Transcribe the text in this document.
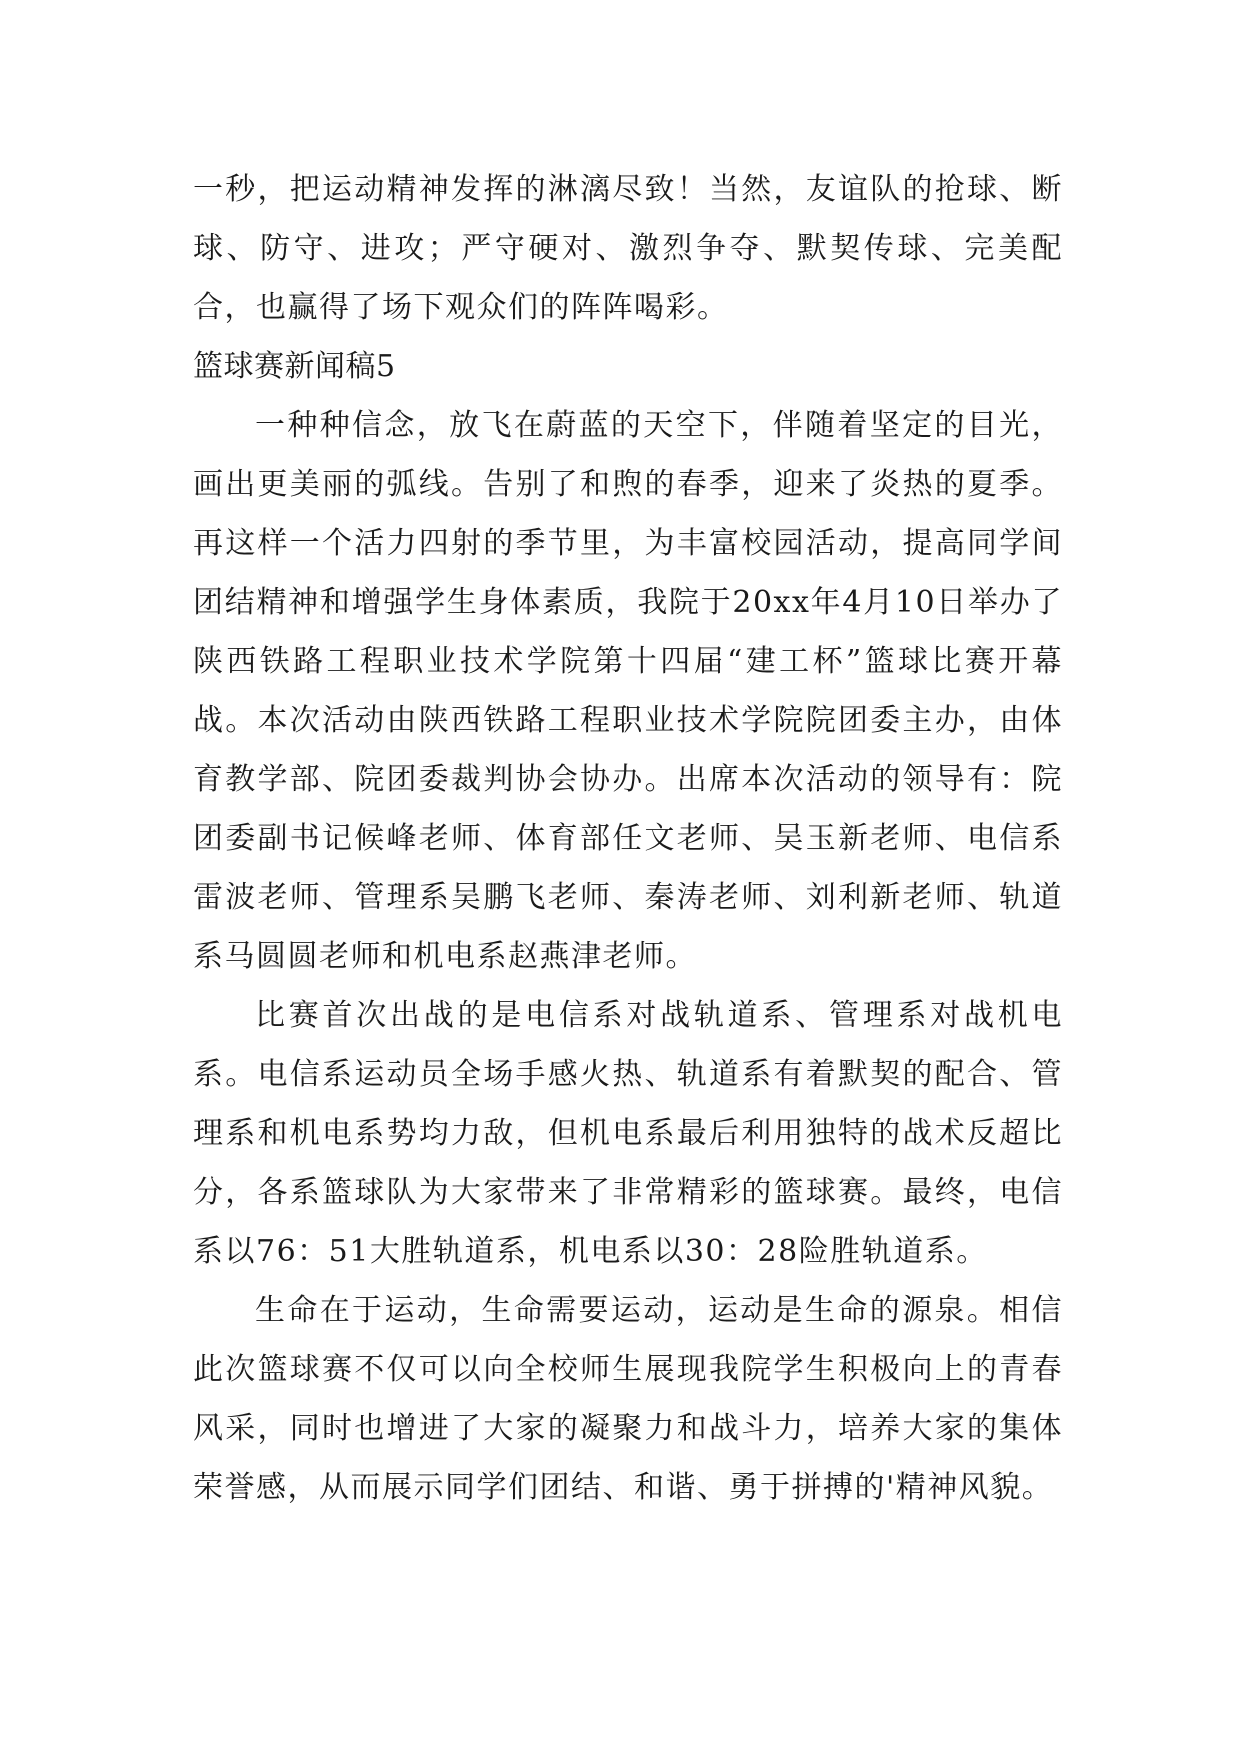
一秒，把运动精神发挥的淋漓尽致！当然，友谊队的抢球、断球、防守、进攻；严守硬对、激烈争夺、默契传球、完美配合，也赢得了场下观众们的阵阵喝彩。

篮球赛新闻稿5

一种种信念，放飞在蔚蓝的天空下，伴随着坚定的目光，画出更美丽的弧线。告别了和煦的春季，迎来了炎热的夏季。再这样一个活力四射的季节里，为丰富校园活动，提高同学间团结精神和增强学生身体素质，我院于20xx年4月10日举办了陕西铁路工程职业技术学院第十四届“建工杯”篮球比赛开幕战。本次活动由陕西铁路工程职业技术学院院团委主办，由体育教学部、院团委裁判协会协办。出席本次活动的领导有：院团委副书记候峰老师、体育部任文老师、吴玉新老师、电信系雷波老师、管理系吴鹏飞老师、秦涛老师、刘利新老师、轨道系马圆圆老师和机电系赵燕津老师。

比赛首次出战的是电信系对战轨道系、管理系对战机电系。电信系运动员全场手感火热、轨道系有着默契的配合、管理系和机电系势均力敌，但机电系最后利用独特的战术反超比分，各系篮球队为大家带来了非常精彩的篮球赛。最终，电信系以76：51大胜轨道系，机电系以30：28险胜轨道系。

生命在于运动，生命需要运动，运动是生命的源泉。相信此次篮球赛不仅可以向全校师生展现我院学生积极向上的青春风采，同时也增进了大家的凝聚力和战斗力，培养大家的集体荣誉感，从而展示同学们团结、和谐、勇于拼搏的'精神风貌。
